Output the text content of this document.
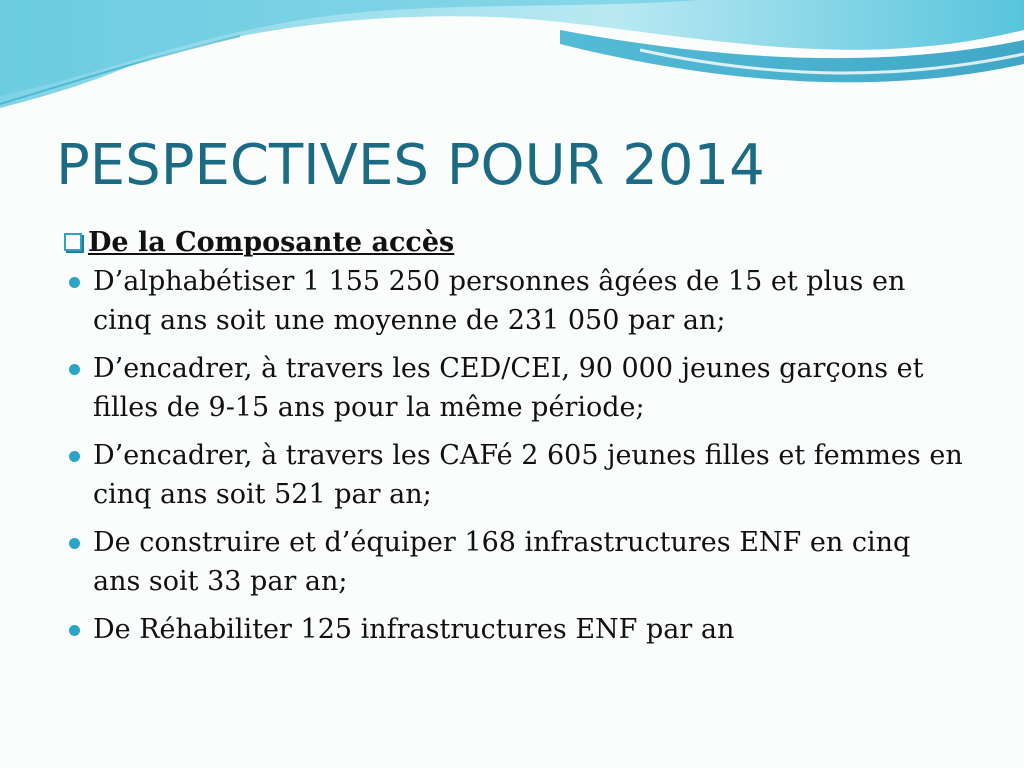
PESPECTIVES POUR 2014
De la Composante accès
D’alphabétiser 1 155 250 personnes âgées de 15 et plus en cinq ans soit une moyenne de 231 050 par an;
D’encadrer, à travers les CED/CEI, 90 000 jeunes garçons et filles de 9-15 ans pour la même période;
D’encadrer, à travers les CAFé 2 605 jeunes filles et femmes en cinq ans soit 521 par an;
De construire et d’équiper 168 infrastructures ENF en cinq ans soit 33 par an;
De Réhabiliter 125 infrastructures ENF par an
